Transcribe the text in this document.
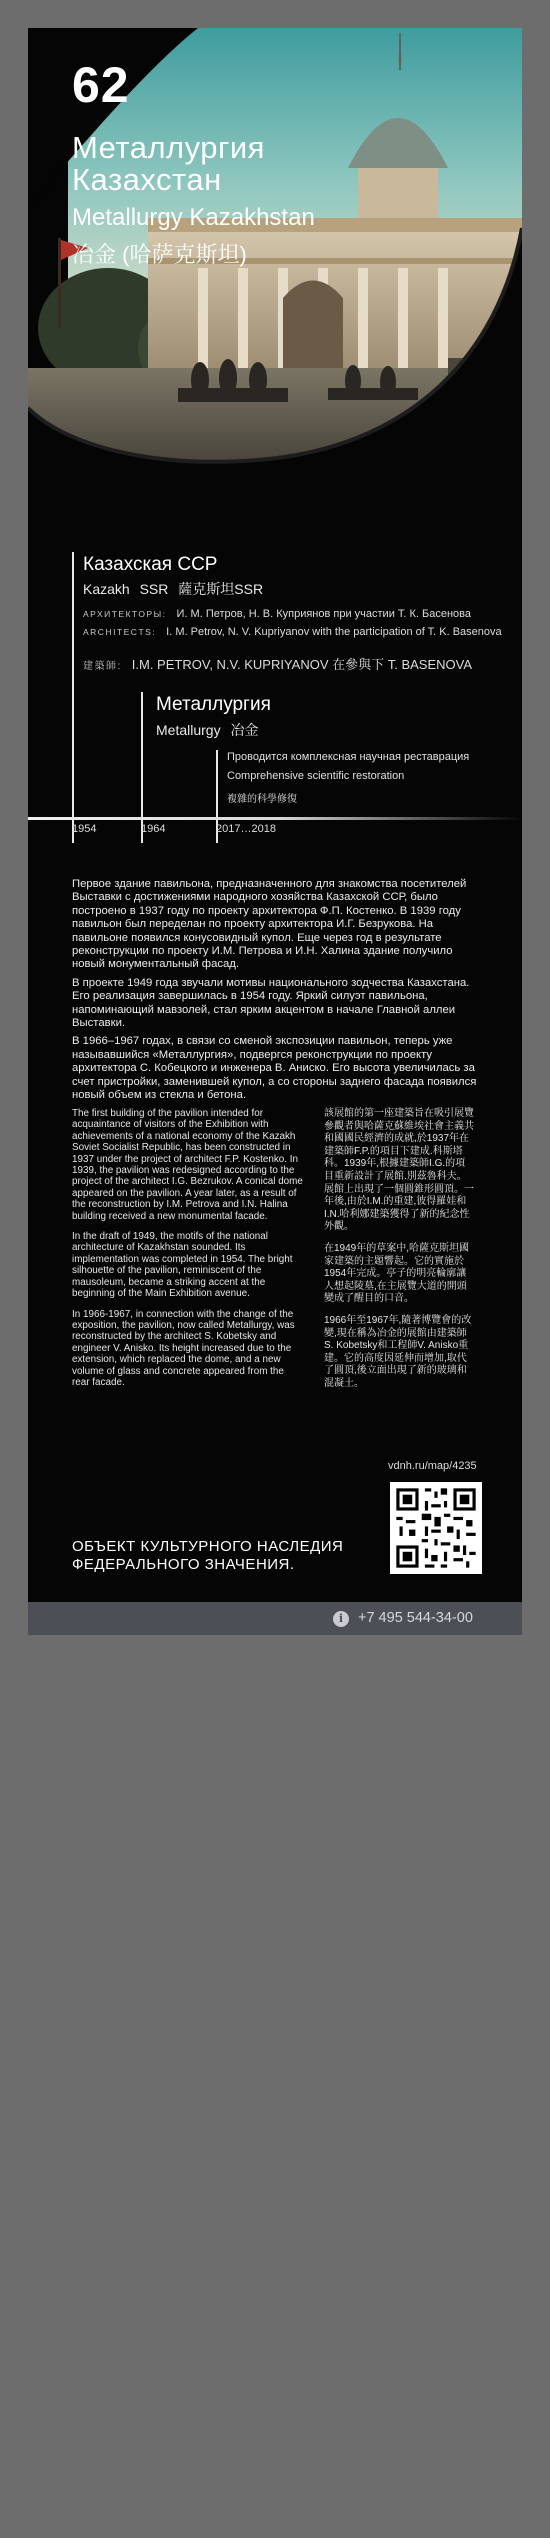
62
Металлургия
Казахстан
Metallurgy Kazakhstan
冶金 (哈萨克斯坦)
Казахская ССР
Kazakh SSR 薩克斯坦SSR
АРХИТЕКТОРЫ: И. М. Петров, Н. В. Куприянов при участии Т. К. Басенова
ARCHITECTS: I. M. Petrov, N. V. Kupriyanov with the participation of T. K. Basenova
建築師: I.M. PETROV, N.V. KUPRIYANOV 在參與下 T. BASENOVA
Металлургия
Metallurgy 冶金
Проводится комплексная научная реставрация
Comprehensive scientific restoration
複雜的科學修復
1954	1964	2017…2018

Первое здание павильона, предназначенного для знакомства посетителей Выставки с достижениями народного хозяйства Казахской ССР, было построено в 1937 году по проекту архитектора Ф.П. Костенко. В 1939 году павильон был переделан по проекту архитектора И.Г. Безрукова. На павильоне появился конусовидный купол. Еще через год в результате реконструкции по проекту И.М. Петрова и И.Н. Халина здание получило новый монументальный фасад.

В проекте 1949 года звучали мотивы национального зодчества Казахстана. Его реализация завершилась в 1954 году. Яркий силуэт павильона, напоминающий мавзолей, стал ярким акцентом в начале Главной аллеи Выставки.

В 1966–1967 годах, в связи со сменой экспозиции павильон, теперь уже называвшийся «Металлургия», подвергся реконструкции по проекту архитектора С. Кобецкого и инженера В. Аниско. Его высота увеличилась за счет пристройки, заменившей купол, а со стороны заднего фасада появился новый объем из стекла и бетона.

The first building of the pavilion intended for acquaintance of visitors of the Exhibition with achievements of a national economy of the Kazakh Soviet Socialist Republic, has been constructed in 1937 under the project of architect F.P. Kostenko. In 1939, the pavilion was redesigned according to the project of the architect I.G. Bezrukov. A conical dome appeared on the pavilion. A year later, as a result of the reconstruction by I.M. Petrova and I.N. Halina building received a new monumental facade.

In the draft of 1949, the motifs of the national architecture of Kazakhstan sounded. Its implementation was completed in 1954. The bright silhouette of the pavilion, reminiscent of the mausoleum, became a striking accent at the beginning of the Main Exhibition avenue.

In 1966-1967, in connection with the change of the exposition, the pavilion, now called Metallurgy, was reconstructed by the architect S. Kobetsky and engineer V. Anisko. Its height increased due to the extension, which replaced the dome, and a new volume of glass and concrete appeared from the rear facade.

該展館的第一座建築旨在吸引展覽參觀者與哈薩克蘇維埃社會主義共和國國民經濟的成就,於1937年在建築師F.P.的項目下建成.科斯塔科。1939年,根據建築師I.G.的項目重新設計了展館.別茲魯科夫。展館上出現了一個圓錐形圓頂。一年後,由於I.M.的重建,彼得羅娃和I.N.哈利娜建築獲得了新的紀念性外觀。

在1949年的草案中,哈薩克斯坦國家建築的主題響起。它的實施於1954年完成。亭子的明亮輪廓讓人想起陵墓,在主展覽大道的開頭變成了醒目的口音。

1966年至1967年,隨著博覽會的改變,現在稱為冶金的展館由建築師S. Kobetsky和工程師V. Anisko重建。它的高度因延伸而增加,取代了圓頂,後立面出現了新的玻璃和混凝土。

vdnh.ru/map/4235
ОБЪЕКТ КУЛЬТУРНОГО НАСЛЕДИЯ ФЕДЕРАЛЬНОГО ЗНАЧЕНИЯ.
i	+7 495 544-34-00
